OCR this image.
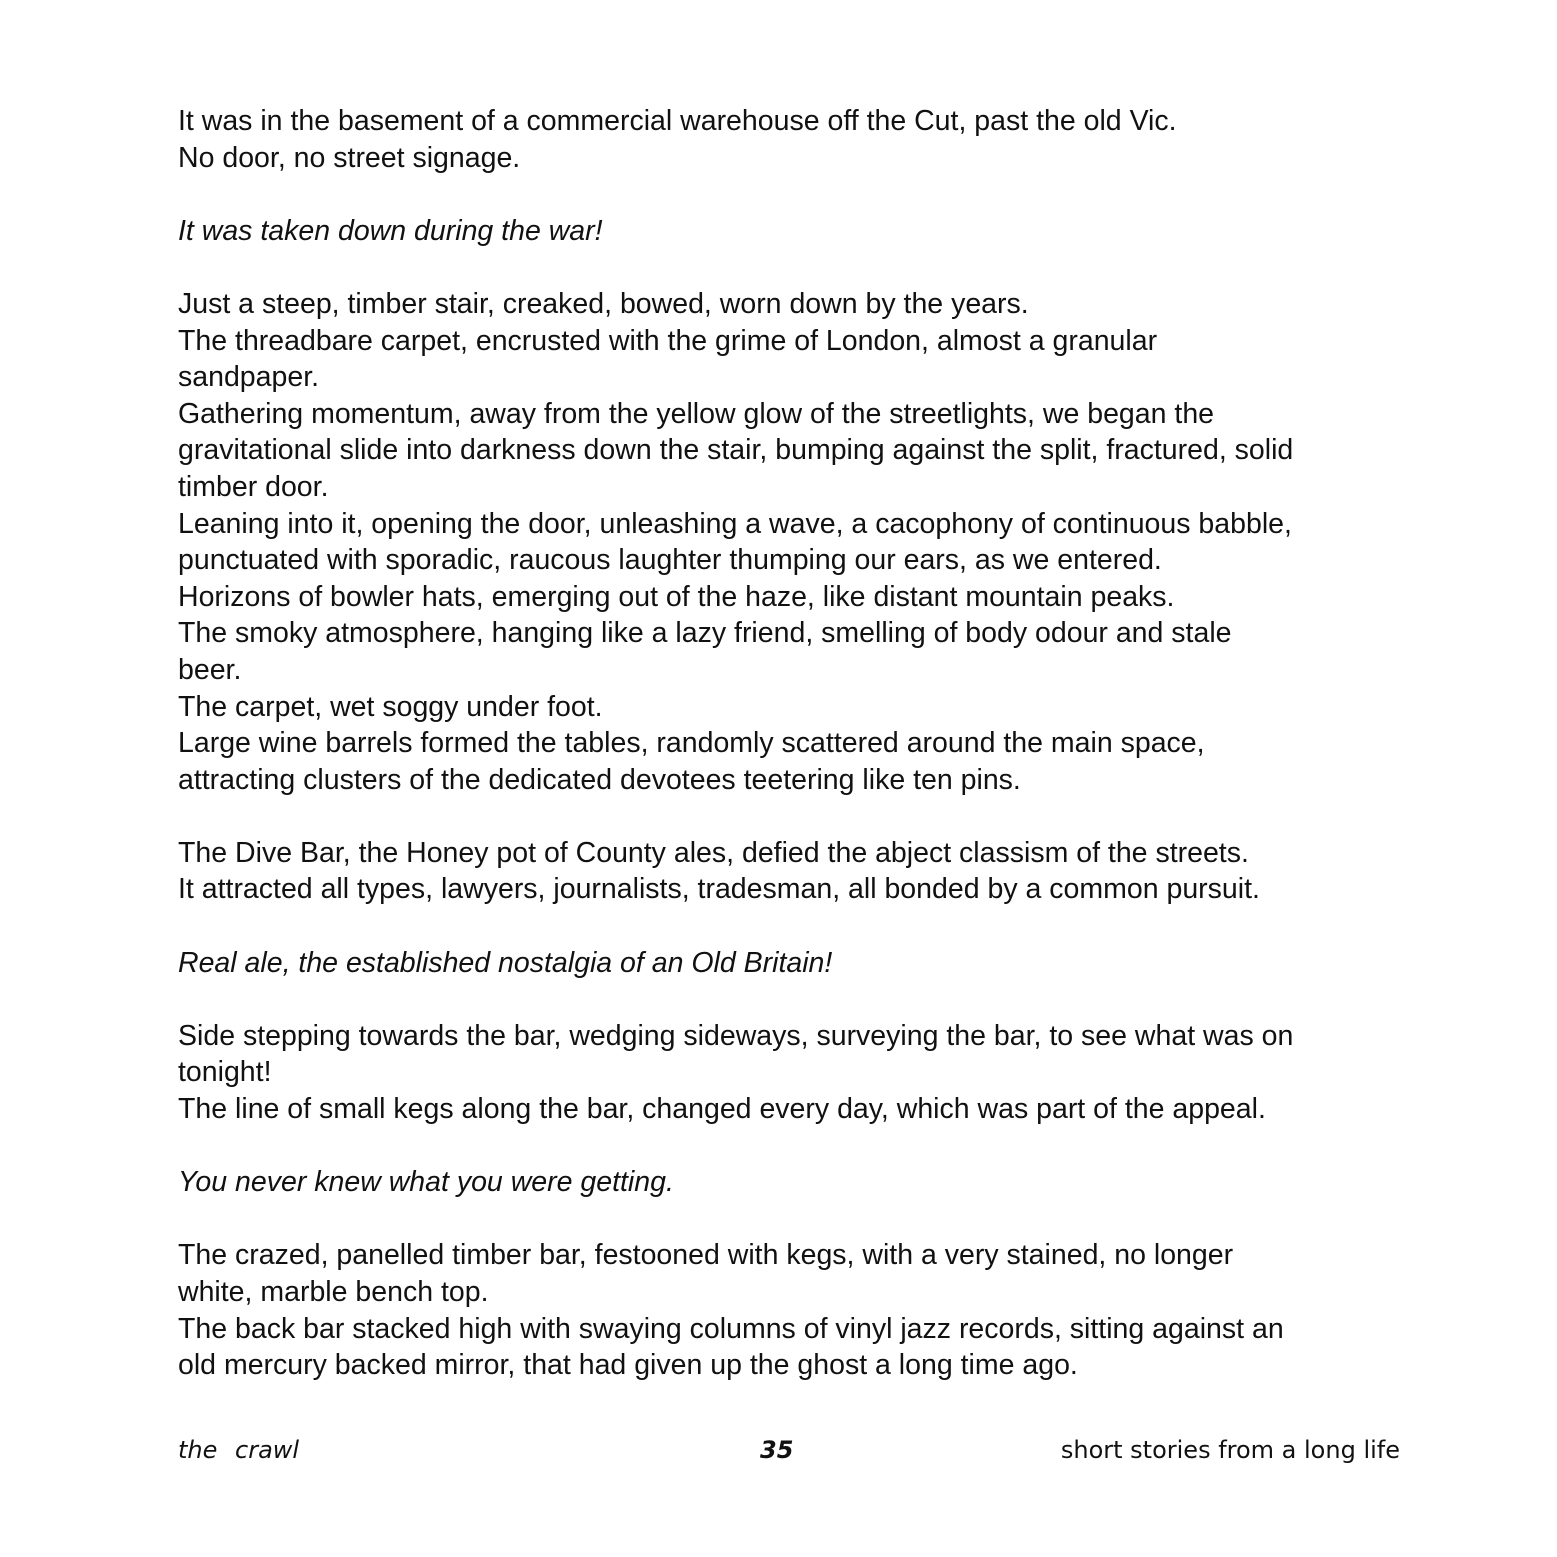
It was in the basement of a commercial warehouse off the Cut, past the old Vic.
No door, no street signage.
It was taken down during the war!
Just a steep, timber stair, creaked, bowed, worn down by the years.
The threadbare carpet, encrusted with the grime of London, almost a granular
sandpaper.
Gathering momentum, away from the yellow glow of the streetlights, we began the
gravitational slide into darkness down the stair, bumping against the split, fractured, solid
timber door.
Leaning into it, opening the door, unleashing a wave, a cacophony of continuous babble,
punctuated with sporadic, raucous laughter thumping our ears, as we entered.
Horizons of bowler hats, emerging out of the haze, like distant mountain peaks.
The smoky atmosphere, hanging like a lazy friend, smelling of body odour and stale
beer.
The carpet, wet soggy under foot.
Large wine barrels formed the tables, randomly scattered around the main space,
attracting clusters of the dedicated devotees teetering like ten pins.
The Dive Bar, the Honey pot of County ales, defied the abject classism of the streets.
It attracted all types, lawyers, journalists, tradesman, all bonded by a common pursuit.
Real ale, the established nostalgia of an Old Britain!
Side stepping towards the bar, wedging sideways, surveying the bar, to see what was on
tonight!
The line of small kegs along the bar, changed every day, which was part of the appeal.
You never knew what you were getting.
The crazed, panelled timber bar, festooned with kegs, with a very stained, no longer
white, marble bench top.
The back bar stacked high with swaying columns of vinyl jazz records, sitting against an
old mercury backed mirror, that had given up the ghost a long time ago.
the crawl	35	short stories from a long life
